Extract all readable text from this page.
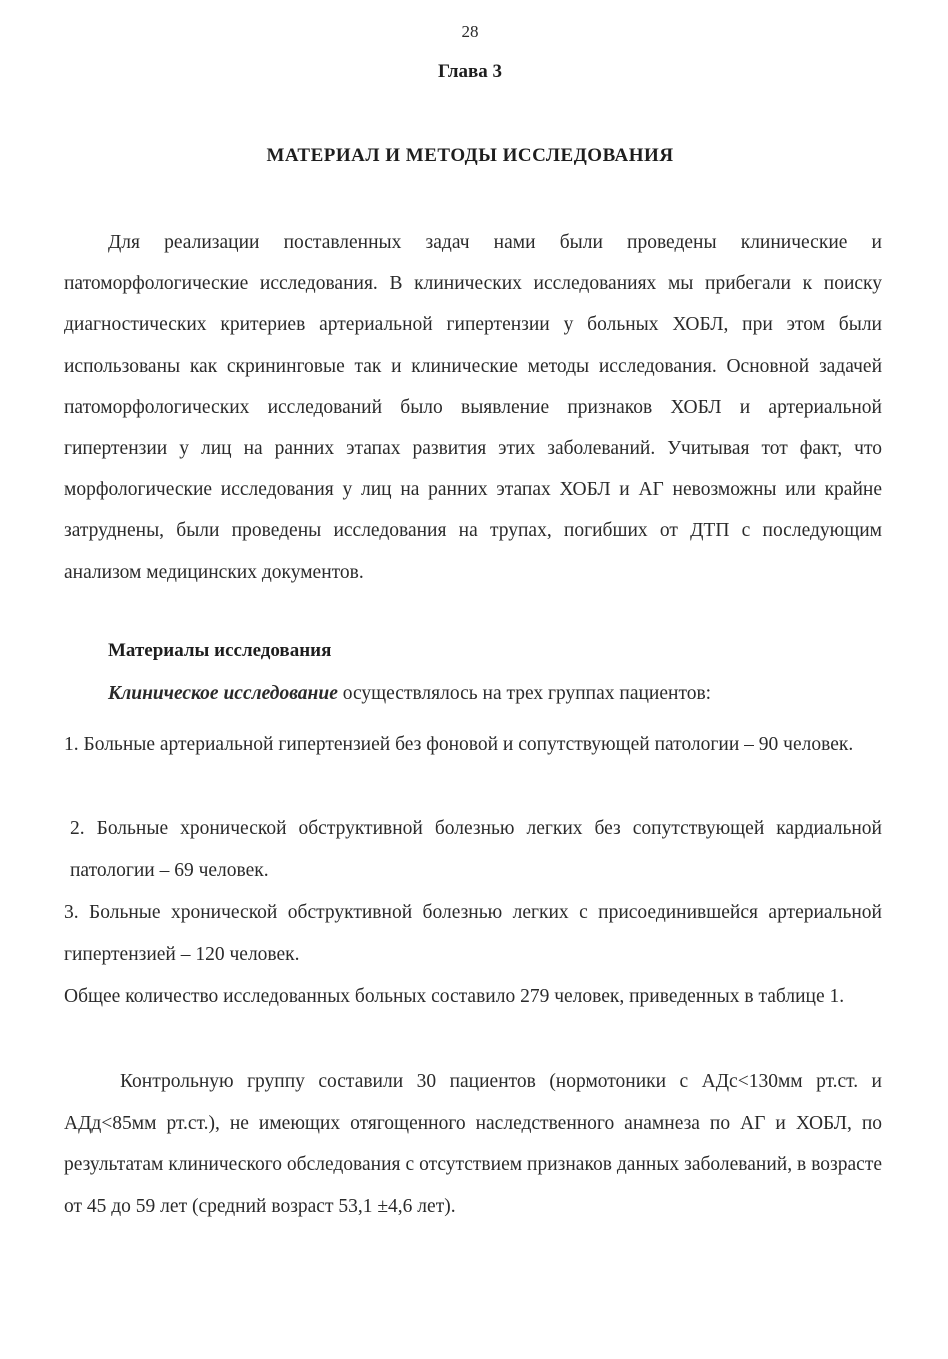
28
Глава 3
МАТЕРИАЛ И МЕТОДЫ ИССЛЕДОВАНИЯ

Для реализации поставленных задач нами были проведены клинические и патоморфологические исследования. В клинических исследованиях мы прибегали к поиску диагностических критериев артериальной гипертензии у больных ХОБЛ, при этом были использованы как скрининговые так и клинические методы исследования. Основной задачей патоморфологических исследований было выявление признаков ХОБЛ и артериальной гипертензии у лиц на ранних этапах развития этих заболеваний. Учитывая тот факт, что морфологические исследования у лиц на ранних этапах ХОБЛ и АГ невозможны или крайне затруднены, были проведены исследования на трупах, погибших от ДТП с последующим анализом медицинских документов.

Материалы исследования

Клиническое исследование осуществлялось на трех группах пациентов:

1. Больные артериальной гипертензией без фоновой и сопутствующей патологии – 90 человек.

2. Больные хронической обструктивной болезнью легких без сопутствующей кардиальной патологии – 69 человек.

3. Больные хронической обструктивной болезнью легких с присоединившейся артериальной гипертензией – 120 человек.

Общее количество исследованных больных составило 279 человек, приведенных в таблице 1.

Контрольную группу составили 30 пациентов (нормотоники с АДс<130мм рт.ст. и АДд<85мм рт.ст.), не имеющих отягощенного наследственного анамнеза по АГ и ХОБЛ, по результатам клинического обследования с отсутствием признаков данных заболеваний, в возрасте от 45 до 59 лет (средний возраст 53,1 ±4,6 лет).
